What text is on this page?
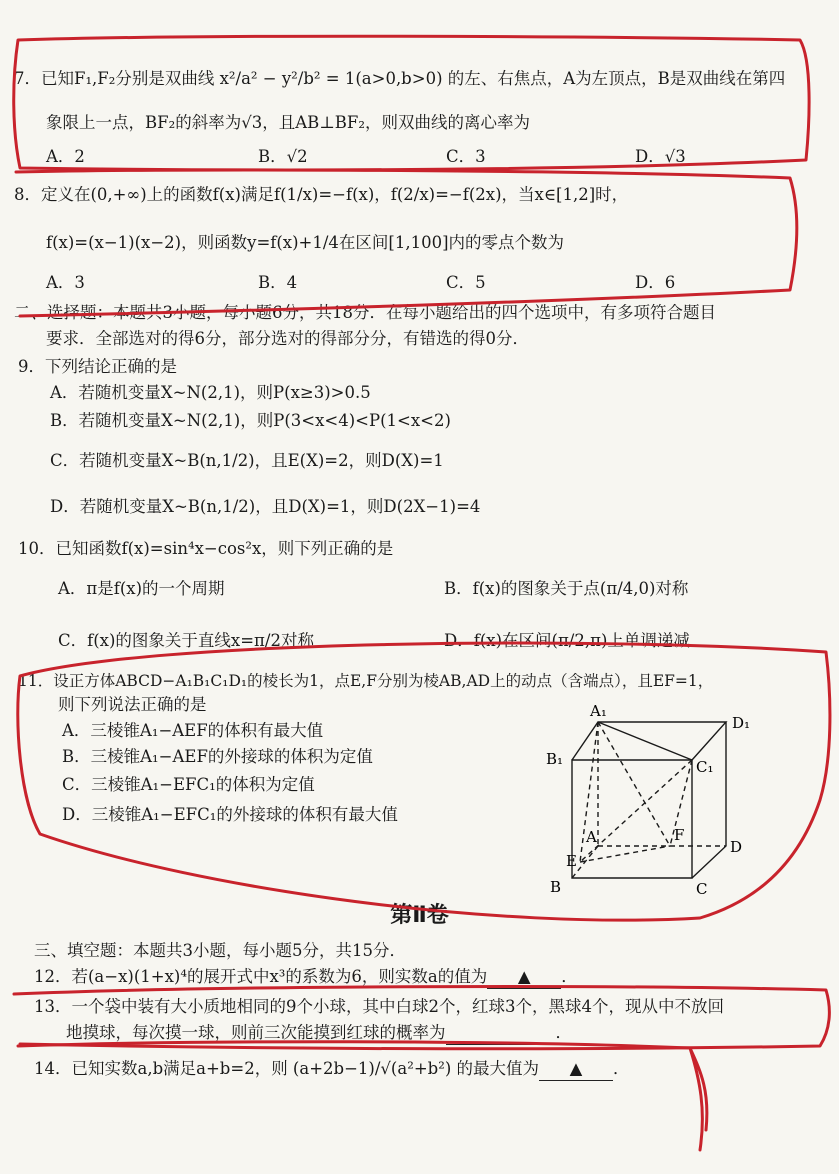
7．已知F₁,F₂分别是双曲线 x²/a² − y²/b² = 1(a>0,b>0) 的左、右焦点，A为左顶点，B是双曲线在第四
象限上一点，BF₂的斜率为√3，且AB⊥BF₂，则双曲线的离心率为
A．2	B．√2	C．3	D．√3
8．定义在(0,+∞)上的函数f(x)满足f(1/x)=−f(x)，f(2/x)=−f(2x)，当x∈[1,2]时，
f(x)=(x−1)(x−2)，则函数y=f(x)+1/4在区间[1,100]内的零点个数为
A．3	B．4	C．5	D．6
二、选择题：本题共3小题，每小题6分，共18分．在每小题给出的四个选项中，有多项符合题目
要求．全部选对的得6分，部分选对的得部分分，有错选的得0分．
9．下列结论正确的是
A．若随机变量X~N(2,1)，则P(x≥3)>0.5
B．若随机变量X~N(2,1)，则P(3<x<4)<P(1<x<2)
C．若随机变量X~B(n,1/2)，且E(X)=2，则D(X)=1
D．若随机变量X~B(n,1/2)，且D(X)=1，则D(2X−1)=4
10．已知函数f(x)=sin⁴x−cos²x，则下列正确的是
A．π是f(x)的一个周期	B．f(x)的图象关于点(π/4,0)对称
C．f(x)的图象关于直线x=π/2对称	D．f(x)在区间(π/2,π)上单调递减
11．设正方体ABCD−A₁B₁C₁D₁的棱长为1，点E,F分别为棱AB,AD上的动点（含端点），且EF=1，
则下列说法正确的是
A．三棱锥A₁−AEF的体积有最大值
B．三棱锥A₁−AEF的外接球的体积为定值
C．三棱锥A₁−EFC₁的体积为定值
D．三棱锥A₁−EFC₁的外接球的体积有最大值
A₁
D₁
B₁	C₁
A
D
F
E
B	C
第Ⅱ卷
三、填空题：本题共3小题，每小题5分，共15分．
12．若(a−x)(1+x)⁴的展开式中x³的系数为6，则实数a的值为 ▲ ．
13．一个袋中装有大小质地相同的9个小球，其中白球2个，红球3个，黑球4个，现从中不放回
地摸球，每次摸一球，则前三次能摸到红球的概率为	．
14．已知实数a,b满足a+b=2，则 (a+2b−1)/√(a²+b²) 的最大值为 ▲ ．
